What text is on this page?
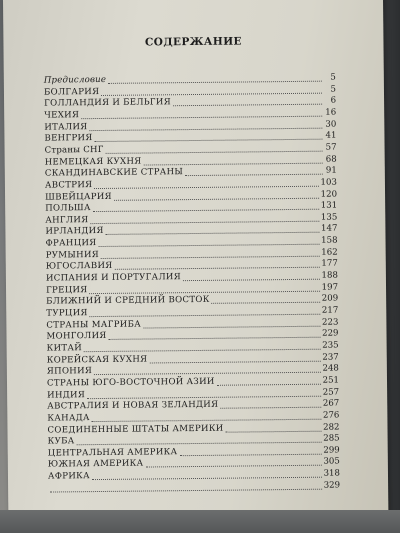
СОДЕРЖАНИЕ
Предисловие	5
БОЛГАРИЯ	5
ГОЛЛАНДИЯ И БЕЛЬГИЯ	6
ЧЕХИЯ	16
ИТАЛИЯ	30
ВЕНГРИЯ	41
Страны СНГ	57
НЕМЕЦКАЯ КУХНЯ	68
СКАНДИНАВСКИЕ СТРАНЫ	91
АВСТРИЯ	103
ШВЕЙЦАРИЯ	120
ПОЛЬША	131
АНГЛИЯ	135
ИРЛАНДИЯ	147
ФРАНЦИЯ	158
РУМЫНИЯ	162
ЮГОСЛАВИЯ	177
ИСПАНИЯ И ПОРТУГАЛИЯ	188
ГРЕЦИЯ	197
БЛИЖНИЙ И СРЕДНИЙ ВОСТОК	209
ТУРЦИЯ	217
СТРАНЫ МАГРИБА	223
МОНГОЛИЯ	229
КИТАЙ	235
КОРЕЙСКАЯ КУХНЯ	237
ЯПОНИЯ	248
СТРАНЫ ЮГО-ВОСТОЧНОЙ АЗИИ	251
ИНДИЯ	257
АВСТРАЛИЯ И НОВАЯ ЗЕЛАНДИЯ	267
КАНАДА	276
СОЕДИНЕННЫЕ ШТАТЫ АМЕРИКИ	282
КУБА	285
ЦЕНТРАЛЬНАЯ АМЕРИКА	299
ЮЖНАЯ АМЕРИКА	305
АФРИКА	318
329
